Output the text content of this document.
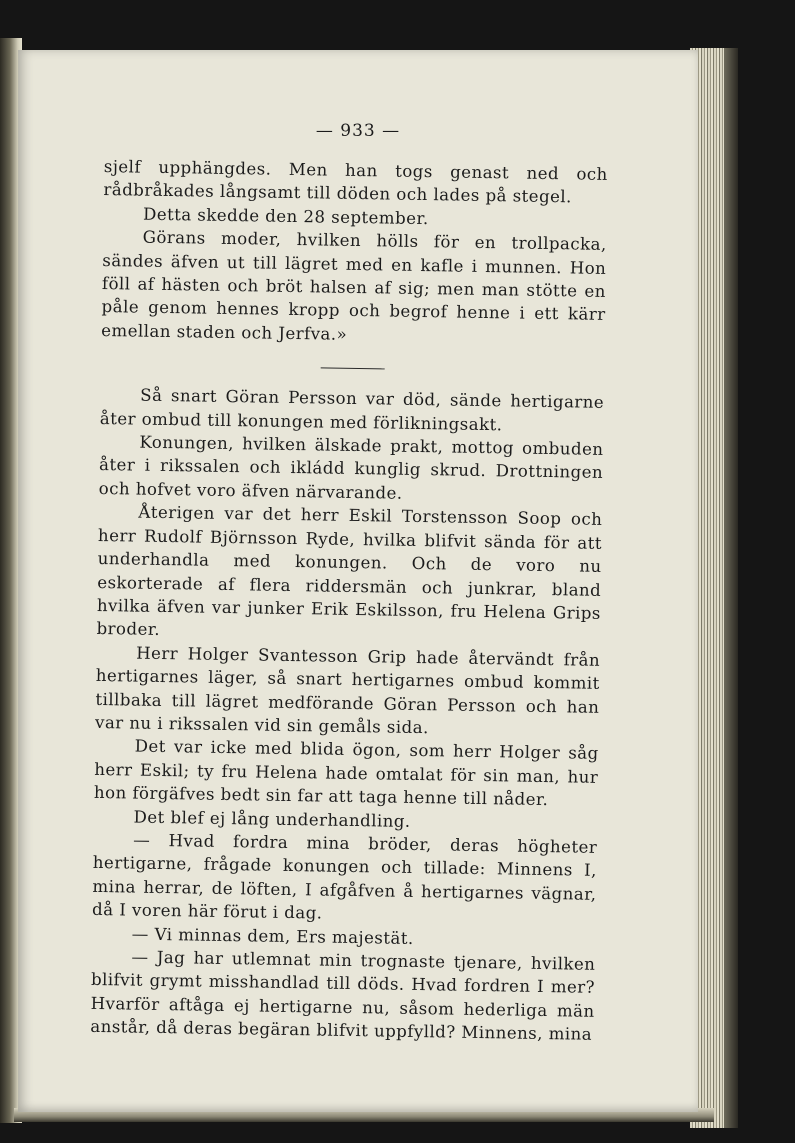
— 933 —

sjelf upphängdes. Men han togs genast ned och rådbråkades långsamt till döden och lades på stegel.

Detta skedde den 28 september.

Görans moder, hvilken hölls för en trollpacka, sändes äfven ut till lägret med en kafle i munnen. Hon föll af hästen och bröt halsen af sig; men man stötte en påle genom hennes kropp och begrof henne i ett kärr emellan staden och Jerfva.»

Så snart Göran Persson var död, sände hertigarne åter ombud till konungen med förlikningsakt.

Konungen, hvilken älskade prakt, mottog ombuden åter i rikssalen och ikládd kunglig skrud. Drottningen och hofvet voro äfven närvarande.

Återigen var det herr Eskil Torstensson Soop och herr Rudolf Björnsson Ryde, hvilka blifvit sända för att underhandla med konungen. Och de voro nu eskorterade af flera riddersmän och junkrar, bland hvilka äfven var junker Erik Eskilsson, fru Helena Grips broder.

Herr Holger Svantesson Grip hade återvändt från hertigarnes läger, så snart hertigarnes ombud kommit tillbaka till lägret medförande Göran Persson och han var nu i rikssalen vid sin gemåls sida.

Det var icke med blida ögon, som herr Holger såg herr Eskil; ty fru Helena hade omtalat för sin man, hur hon förgäfves bedt sin far att taga henne till nåder.

Det blef ej lång underhandling.

— Hvad fordra mina bröder, deras högheter hertigarne, frågade konungen och tillade: Minnens I, mina herrar, de löften, I afgåfven å hertigarnes vägnar, då I voren här förut i dag.

— Vi minnas dem, Ers majestät.

— Jag har utlemnat min trognaste tjenare, hvilken blifvit grymt misshandlad till döds. Hvad fordren I mer? Hvarför aftåga ej hertigarne nu, såsom hederliga män anstår, då deras begäran blifvit uppfylld? Minnens, mina
